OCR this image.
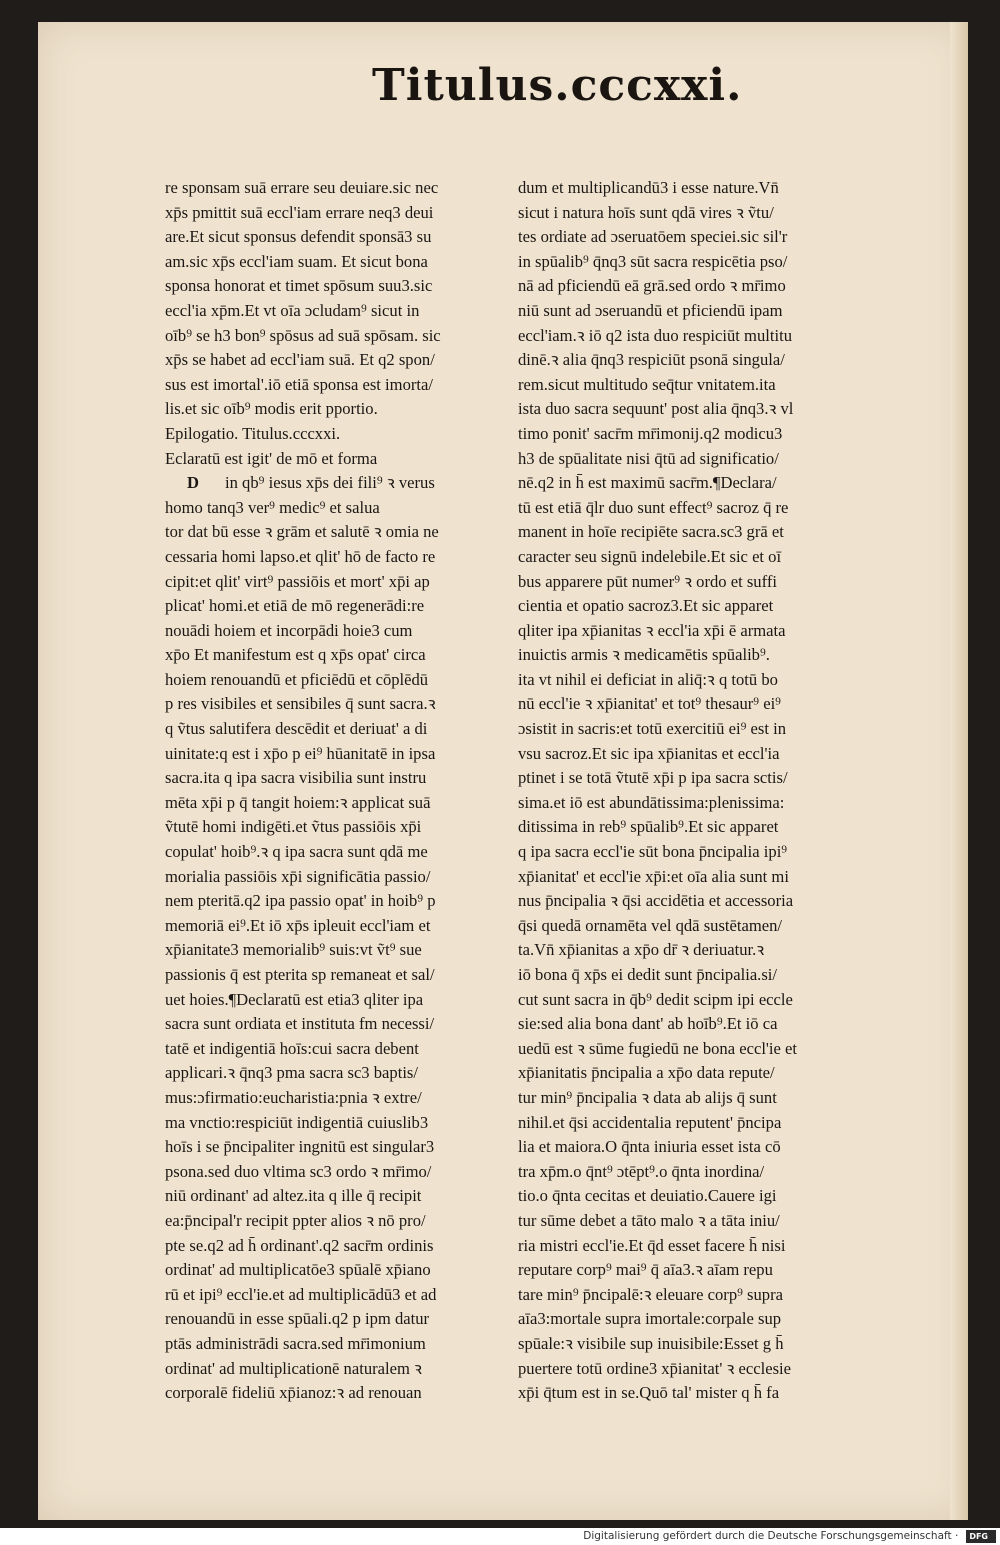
Titulus.cccxxi.
re sponsam suā errare seu deuiare.sic nec
xp̄s pmittit suā eccl'iam errare neq3 deui
are.Et sicut sponsus defendit sponsā3 su
am.sic xp̄s eccl'iam suam. Et sicut bona
sponsa honorat et timet spōsum suu3.sic
eccl'ia xp̄m.Et vt oīa ɔcludam⁹ sicut in
oīb⁹ se h3 bon⁹ spōsus ad suā spōsam. sic
xp̄s se habet ad eccl'iam suā. Et q2 spon/
sus est imortal'.iō etiā sponsa est imorta/
lis.et sic oīb⁹ modis erit pportio.
Epilogatio. Titulus.cccxxi.
Eclaratū est igit' de mō et forma
D	in qb⁹ iesus xp̄s dei fili⁹ ꝛ verus
homo tanq3 ver⁹ medic⁹ et salua
tor dat bū esse ꝛ grām et salutē ꝛ omia ne
cessaria homi lapso.et qlit' hō de facto re
cipit:et qlit' virt⁹ passiōis et mort' xp̄i ap
plicat' homi.et etiā de mō regenerādi:re
nouādi hoiem et incorpādi hoie3 cum
xp̄o Et manifestum est q xp̄s opat' circa
hoiem renouandū et pficiēdū et cōplēdū
p res visibiles et sensibiles q̄ sunt sacra.ꝛ
q ṽtus salutifera descēdit et deriuat' a di
uinitate:q est i xp̄o p ei⁹ hūanitatē in ipsa
sacra.ita q ipa sacra visibilia sunt instru
mēta xp̄i p q̄ tangit hoiem:ꝛ applicat suā
ṽtutē homi indigēti.et ṽtus passiōis xp̄i
copulat' hoib⁹.ꝛ q ipa sacra sunt qdā me
morialia passiōis xp̄i significātia passio/
nem pteritā.q2 ipa passio opat' in hoib⁹ p
memoriā ei⁹.Et iō xp̄s ipleuit eccl'iam et
xp̄ianitate3 memorialib⁹ suis:vt ṽt⁹ sue
passionis q̄ est pterita sp remaneat et sal/
uet hoies.¶Declaratū est etia3 qliter ipa
sacra sunt ordiata et instituta fm necessi/
tatē et indigentiā hoīs:cui sacra debent
applicari.ꝛ q̄nq3 pma sacra sc3 baptis/
mus:ɔfirmatio:eucharistia:pnia ꝛ extre/
ma vnctio:respiciūt indigentiā cuiuslib3
hoīs i se p̄ncipaliter ingnitū est singular3
psona.sed duo vltima sc3 ordo ꝛ mr̄imo/
niū ordinant' ad altez.ita q ille q̄ recipit
ea:p̄ncipal'r recipit ppter alios ꝛ nō pro/
pte se.q2 ad h̄ ordinant'.q2 sacr̄m ordinis
ordinat' ad multiplicatōe3 spūalē xp̄iano
rū et ipi⁹ eccl'ie.et ad multiplicādū3 et ad
renouandū in esse spūali.q2 p ipm datur
ptās administrādi sacra.sed mr̄imonium
ordinat' ad multiplicationē naturalem ꝛ
corporalē fideliū xp̄ianoz:ꝛ ad renouan
dum et multiplicandū3 i esse nature.Vn̄
sicut i natura hoīs sunt qdā vires ꝛ ṽtu/
tes ordiate ad ɔseruatōem speciei.sic sil'r
in spūalib⁹ q̄nq3 sūt sacra respicētia pso/
nā ad pficiendū eā grā.sed ordo ꝛ mr̄imo
niū sunt ad ɔseruandū et pficiendū ipam
eccl'iam.ꝛ iō q2 ista duo respiciūt multitu
dinē.ꝛ alia q̄nq3 respiciūt psonā singula/
rem.sicut multitudo seq̄tur vnitatem.ita
ista duo sacra sequunt' post alia q̄nq3.ꝛ vl
timo ponit' sacr̄m mr̄imonij.q2 modicu3
h3 de spūalitate nisi q̄tū ad significatio/
nē.q2 in h̄ est maximū sacr̄m.¶Declara/
tū est etiā q̄lr duo sunt effect⁹ sacroz q̄ re
manent in hoīe recipiēte sacra.sc3 grā et
caracter seu signū indelebile.Et sic et oī
bus apparere pūt numer⁹ ꝛ ordo et suffi
cientia et opatio sacroz3.Et sic apparet
qliter ipa xp̄ianitas ꝛ eccl'ia xp̄i ē armata
inuictis armis ꝛ medicamētis spūalib⁹.
ita vt nihil ei deficiat in aliq̄:ꝛ q totū bo
nū eccl'ie ꝛ xp̄ianitat' et tot⁹ thesaur⁹ ei⁹
ɔsistit in sacris:et totū exercitiū ei⁹ est in
vsu sacroz.Et sic ipa xp̄ianitas et eccl'ia
ptinet i se totā ṽtutē xp̄i p ipa sacra sctis/
sima.et iō est abundātissima:plenissima:
ditissima in reb⁹ spūalib⁹.Et sic apparet
q ipa sacra eccl'ie sūt bona p̄ncipalia ipi⁹
xp̄ianitat' et eccl'ie xp̄i:et oīa alia sunt mi
nus p̄ncipalia ꝛ q̄si accidētia et accessoria
q̄si quedā ornamēta vel qdā sustētamen/
ta.Vn̄ xp̄ianitas a xp̄o dr̄ ꝛ deriuatur.ꝛ
iō bona q̄ xp̄s ei dedit sunt p̄ncipalia.si/
cut sunt sacra in q̄b⁹ dedit scipm ipi eccle
sie:sed alia bona dant' ab hoīb⁹.Et iō ca
uedū est ꝛ sūme fugiedū ne bona eccl'ie et
xp̄ianitatis p̄ncipalia a xp̄o data repute/
tur min⁹ p̄ncipalia ꝛ data ab alijs q̄ sunt
nihil.et q̄si accidentalia reputent' p̄ncipa
lia et maiora.O q̄nta iniuria esset ista cō
tra xp̄m.o q̄nt⁹ ɔtēpt⁹.o q̄nta inordina/
tio.o q̄nta cecitas et deuiatio.Cauere igi
tur sūme debet a tāto malo ꝛ a tāta iniu/
ria mistri eccl'ie.Et q̄d esset facere h̄ nisi
reputare corp⁹ mai⁹ q̄ aīa3.ꝛ aīam repu
tare min⁹ p̄ncipalē:ꝛ eleuare corp⁹ supra
aīa3:mortale supra imortale:corpale sup
spūale:ꝛ visibile sup inuisibile:Esset g h̄
puertere totū ordine3 xp̄ianitat' ꝛ ecclesie
xp̄i q̄tum est in se.Quō tal' mister q h̄ fa
Digitalisierung gefördert durch die Deutsche Forschungsgemeinschaft · DFG
